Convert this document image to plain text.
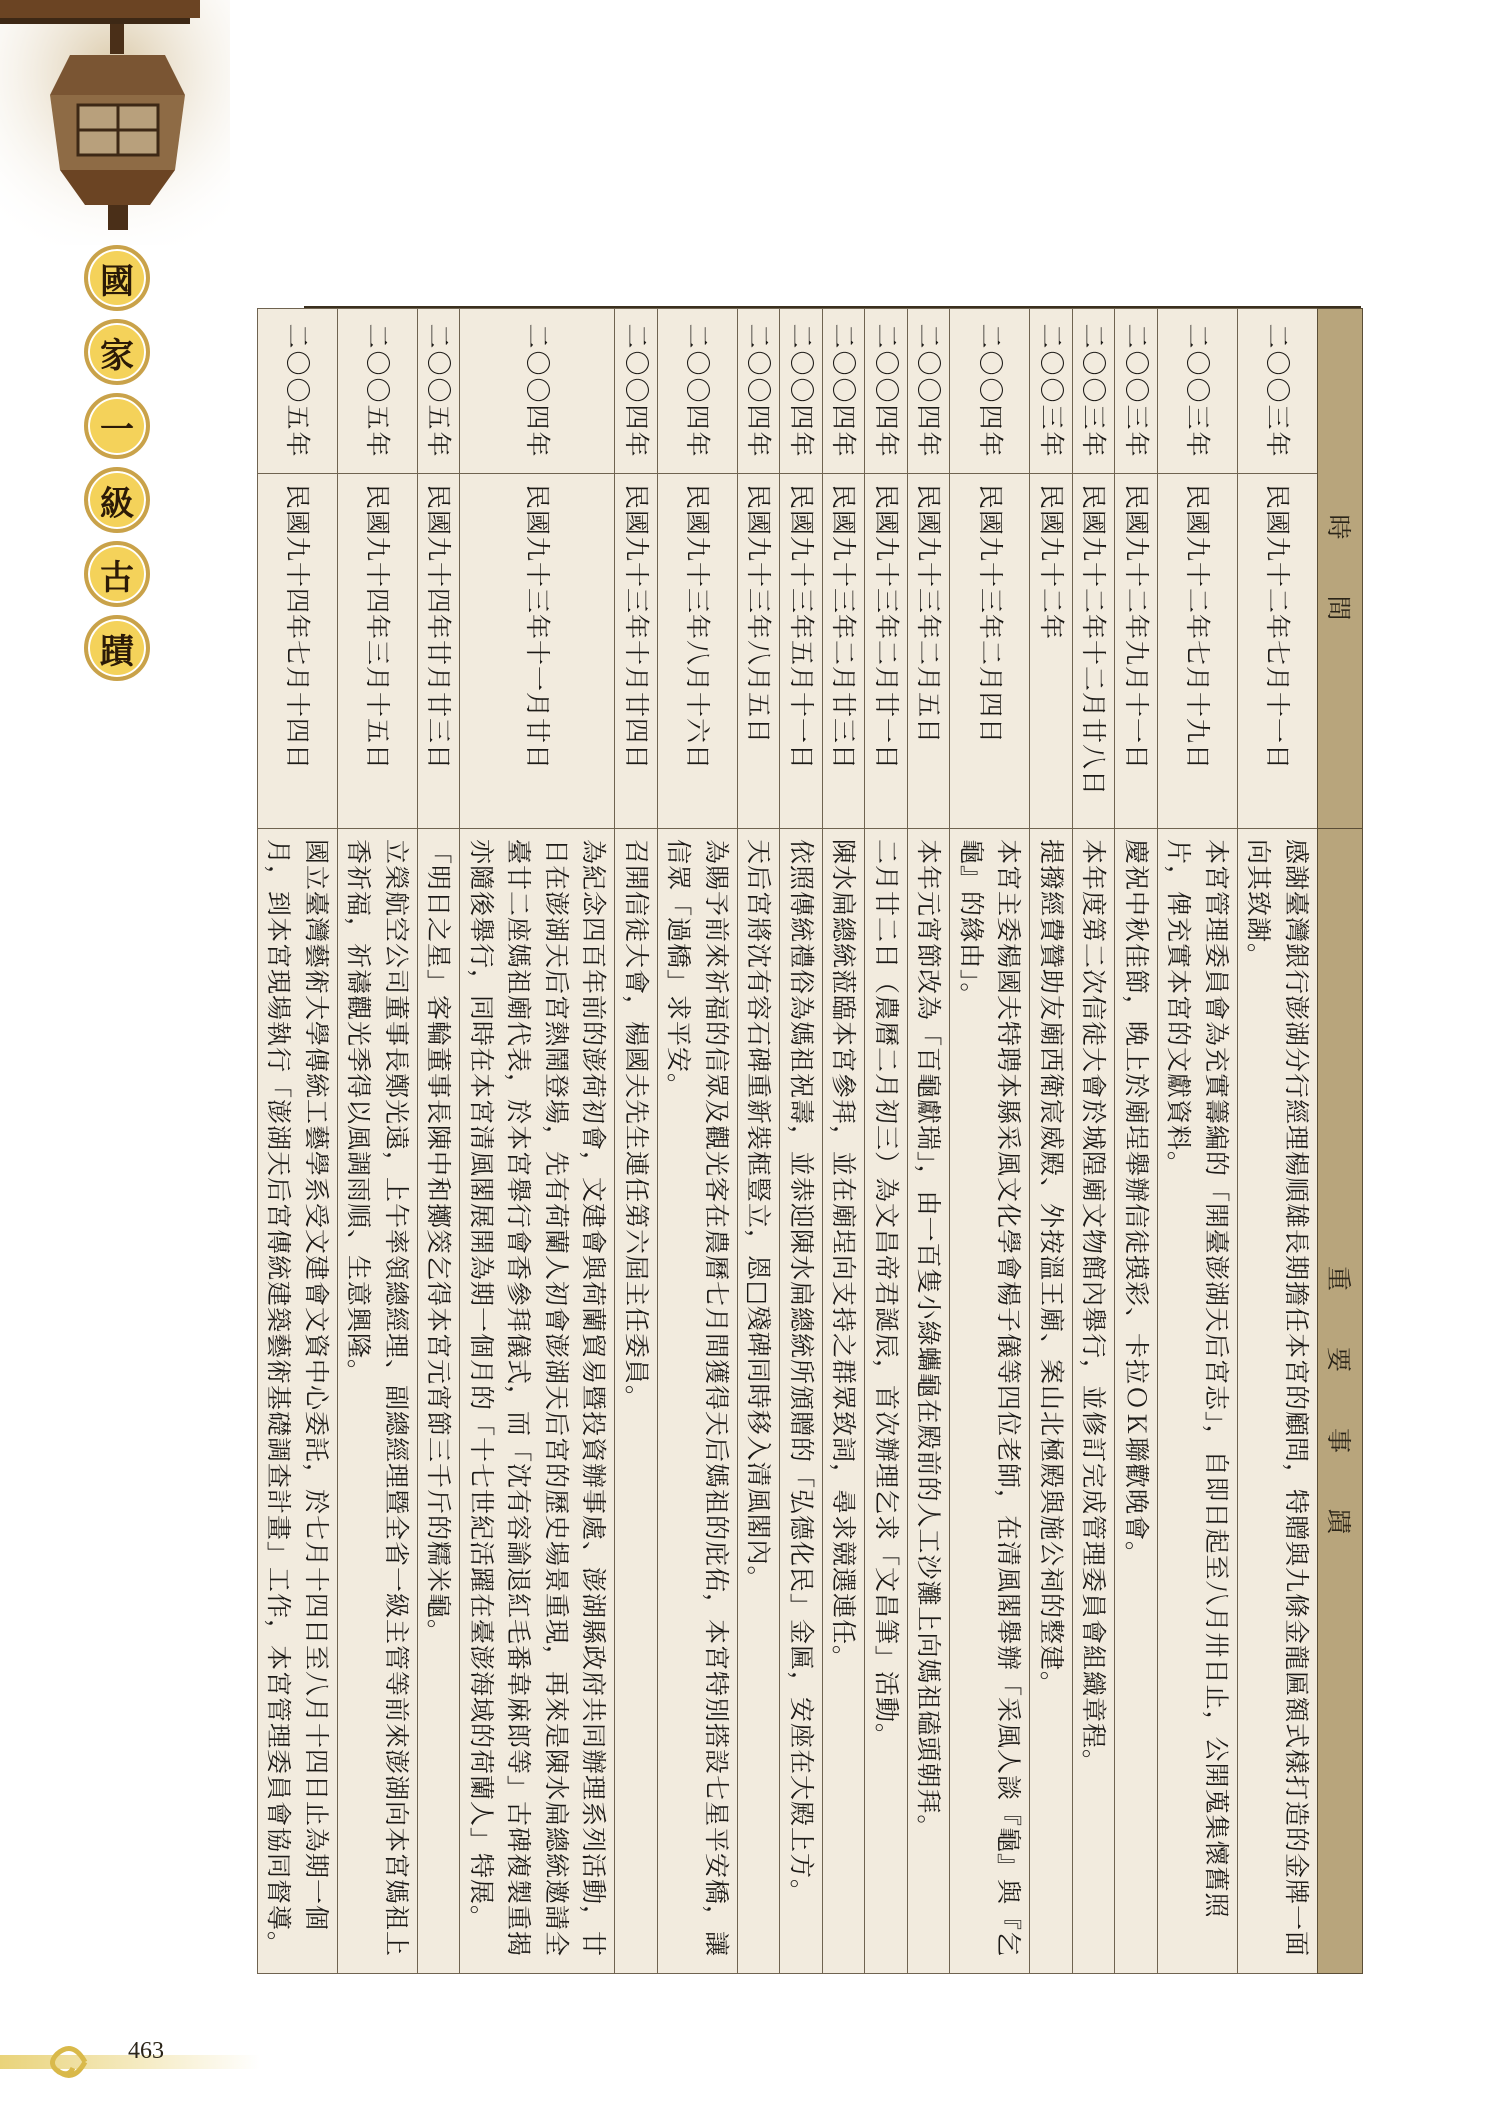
國
家
一
級
古
蹟
時　　間		重　　要　　事　　蹟
二〇〇三年	民國九十二年七月十一日	感謝臺灣銀行澎湖分行經理楊順雄長期擔任本宮的顧問，特贈與九條金龍匾額式樣打造的金牌一面向其致謝。
二〇〇三年	民國九十二年七月十九日	本宮管理委員會為充實籌編的「開臺澎湖天后宮志」，自即日起至八月卅日止，公開蒐集懷舊照片，俾充實本宮的文獻資料。
二〇〇三年	民國九十二年九月十一日	慶祝中秋佳節，晚上於廟埕舉辦信徒摸彩、卡拉ＯＫ聯歡晚會。
二〇〇三年	民國九十二年十二月廿八日	本年度第二次信徒大會於城隍廟文物館內舉行，並修訂完成管理委員會組織章程。
二〇〇三年	民國九十二年	提撥經費贊助友廟西衛宸威殿、外按溫王廟、案山北極殿與施公祠的整建。
二〇〇四年	民國九十三年二月四日	本宮主委楊國夫特聘本縣采風文化學會楊子儀等四位老師，在清風閣舉辦「采風人談『龜』與『乞龜』的緣由」。
二〇〇四年	民國九十三年二月五日	本年元宵節改為「百龜獻瑞」，由一百隻小綠蠵龜在殿前的人工沙灘上向媽祖磕頭朝拜。
二〇〇四年	民國九十三年二月廿一日	二月廿二日（農曆二月初三）為文昌帝君誕辰，首次辦理乞求「文昌筆」活動。
二〇〇四年	民國九十三年二月廿三日	陳水扁總統蒞臨本宮參拜，並在廟埕向支持之群眾致詞，尋求競選連任。
二〇〇四年	民國九十三年五月十一日	依照傳統禮俗為媽祖祝壽，並恭迎陳水扁總統所頒贈的「弘德化民」金匾，安座在大殿上方。
二〇〇四年	民國九十三年八月五日	天后宮將沈有容石碑重新裝框豎立，恩□殘碑同時移入清風閣內。
二〇〇四年	民國九十三年八月十六日	為賜予前來祈福的信眾及觀光客在農曆七月間獲得天后媽祖的庇佑，本宮特別搭設七星平安橋，讓信眾「過橋」求平安。
二〇〇四年	民國九十三年十月廿四日	召開信徒大會，楊國夫先生連任第六屆主任委員。
二〇〇四年	民國九十三年十一月廿日	為紀念四百年前的澎荷初會，文建會與荷蘭貿易暨投資辦事處、澎湖縣政府共同辦理系列活動，廿日在澎湖天后宮熱鬧登場，先有荷蘭人初會澎湖天后宮的歷史場景重現，再來是陳水扁總統邀請全臺廿二座媽祖廟代表，於本宮舉行會香參拜儀式，而「沈有容諭退紅毛番韋麻郎等」古碑複製重揭亦隨後舉行，同時在本宮清風閣展開為期一個月的「十七世紀活躍在臺澎海域的荷蘭人」特展。
二〇〇五年	民國九十四年廿月廿三日	「明日之星」客輪董事長陳中和擲筊乞得本宮元宵節三千斤的糯米龜。
二〇〇五年	民國九十四年三月十五日	立榮航空公司董事長鄭光遠，上午率領總經理、副總經理暨全省一級主管等前來澎湖向本宮媽祖上香祈福，祈禱觀光季得以風調雨順、生意興隆。
二〇〇五年	民國九十四年七月十四日	國立臺灣藝術大學傳統工藝學系受文建會文資中心委託，於七月十四日至八月十四日止為期一個月，到本宮現場執行「澎湖天后宮傳統建築藝術基礎調查計畫」工作，本宮管理委員會協同督導。
463
